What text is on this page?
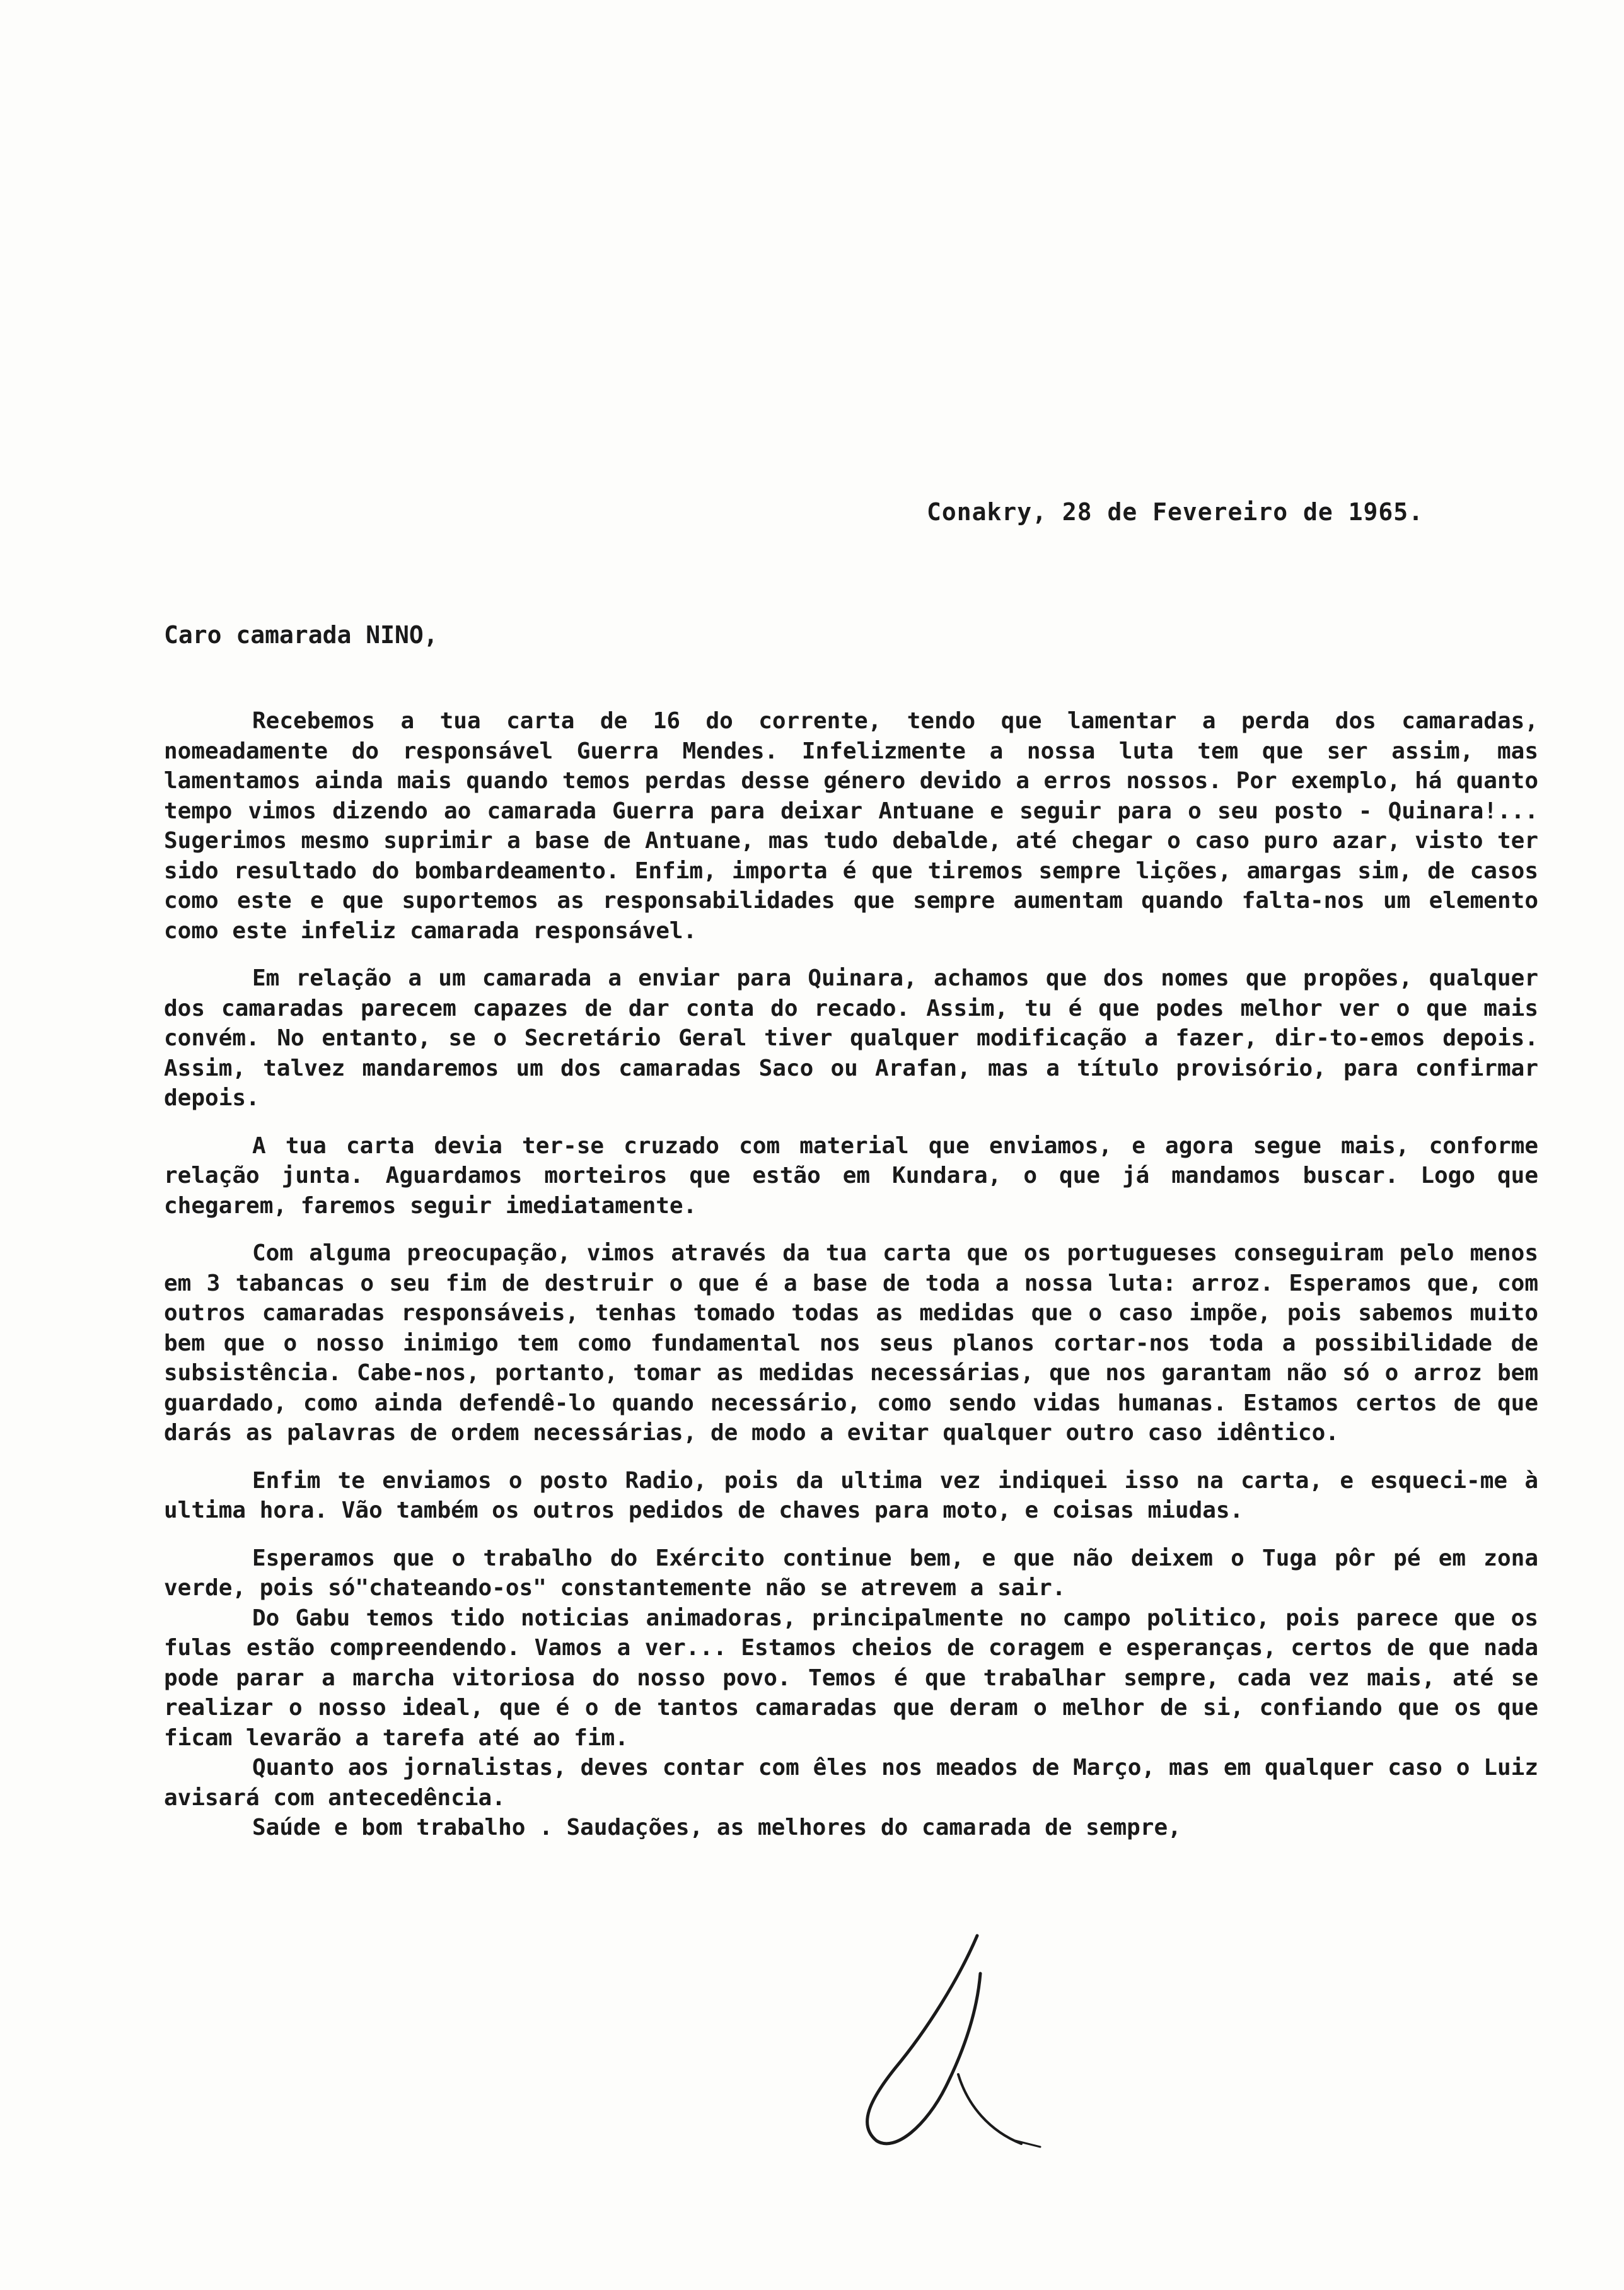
Conakry, 28 de Fevereiro de 1965.
Caro camarada NINO,

Recebemos a tua carta de 16 do corrente, tendo que lamentar a perda dos camaradas, nomeadamente do responsável Guerra Mendes. Infelizmente a nossa luta tem que ser assim, mas lamentamos ainda mais quando temos perdas desse género devido a erros nossos. Por exemplo, há quanto tempo vimos dizendo ao camarada Guerra para deixar Antuane e seguir para o seu posto - Quinara!... Sugerimos mesmo suprimir a base de Antuane, mas tudo debalde, até chegar o caso puro azar, visto ter sido resultado do bombardeamento. Enfim, importa é que tiremos sempre lições, amargas sim, de casos como este e que suportemos as responsabilidades que sempre aumentam quando falta-nos um elemento como este infeliz camarada responsável.

Em relação a um camarada a enviar para Quinara, achamos que dos nomes que propões, qualquer dos camaradas parecem capazes de dar conta do recado. Assim, tu é que podes melhor ver o que mais convém. No entanto, se o Secretário Geral tiver qualquer modificação a fazer, dir-to-emos depois. Assim, talvez mandaremos um dos camaradas Saco ou Arafan, mas a título provisório, para confirmar depois.

A tua carta devia ter-se cruzado com material que enviamos, e agora segue mais, conforme relação junta. Aguardamos morteiros que estão em Kundara, o que já mandamos buscar. Logo que chegarem, faremos seguir imediatamente.

Com alguma preocupação, vimos através da tua carta que os portugueses conseguiram pelo menos em 3 tabancas o seu fim de destruir o que é a base de toda a nossa luta: arroz. Esperamos que, com outros camaradas responsáveis, tenhas tomado todas as medidas que o caso impõe, pois sabemos muito bem que o nosso inimigo tem como fundamental nos seus planos cortar-nos toda a possibilidade de subsistência. Cabe-nos, portanto, tomar as medidas necessárias, que nos garantam não só o arroz bem guardado, como ainda defendê-lo quando necessário, como sendo vidas humanas. Estamos certos de que darás as palavras de ordem necessárias, de modo a evitar qualquer outro caso idêntico.

Enfim te enviamos o posto Radio, pois da ultima vez indiquei isso na carta, e esqueci-me à ultima hora. Vão também os outros pedidos de chaves para moto, e coisas miudas.

Esperamos que o trabalho do Exército continue bem, e que não deixem o Tuga pôr pé em zona verde, pois só"chateando-os" constantemente não se atrevem a sair.

Do Gabu temos tido noticias animadoras, principalmente no campo politico, pois parece que os fulas estão compreendendo. Vamos a ver... Estamos cheios de coragem e esperanças, certos de que nada pode parar a marcha vitoriosa do nosso povo. Temos é que trabalhar sempre, cada vez mais, até se realizar o nosso ideal, que é o de tantos camaradas que deram o melhor de si, confiando que os que ficam levarão a tarefa até ao fim.

Quanto aos jornalistas, deves contar com êles nos meados de Março, mas em qualquer caso o Luiz avisará com antecedência.

Saúde e bom trabalho . Saudações, as melhores do camarada de sempre,
